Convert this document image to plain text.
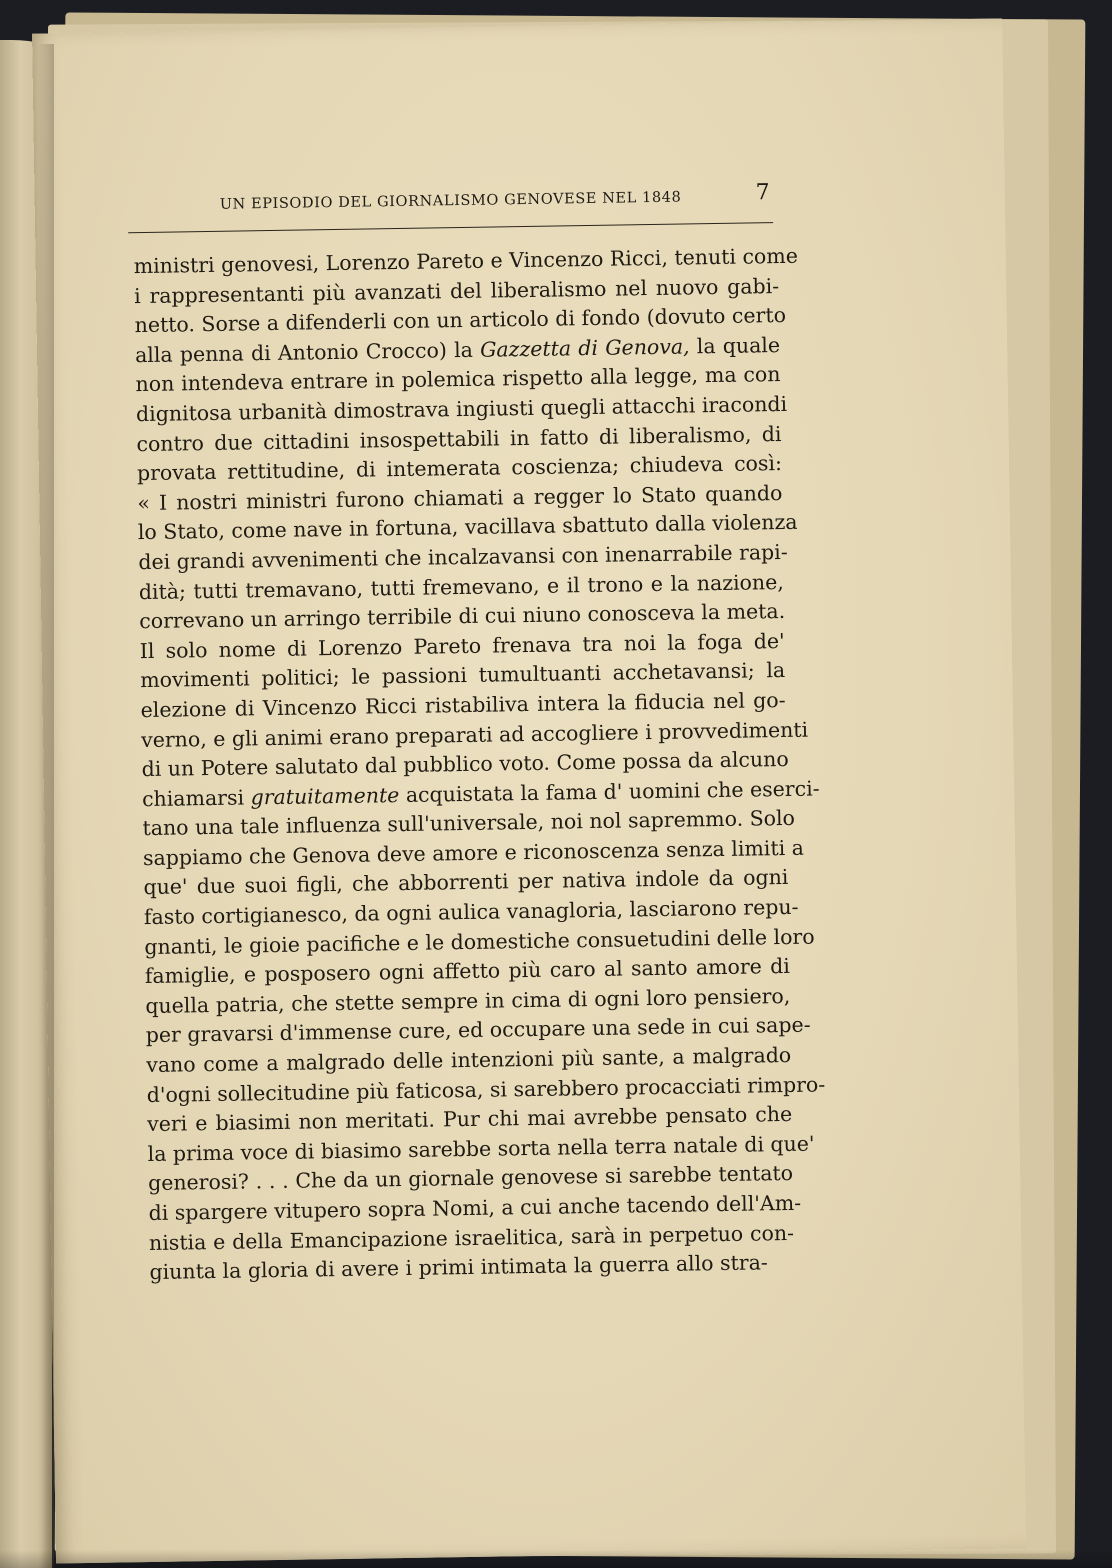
UN EPISODIO DEL GIORNALISMO GENOVESE NEL 1848	7
ministri genovesi, Lorenzo Pareto e Vincenzo Ricci, tenuti come
i rappresentanti più avanzati del liberalismo nel nuovo gabi-
netto. Sorse a difenderli con un articolo di fondo (dovuto certo
alla penna di Antonio Crocco) la Gazzetta di Genova, la quale
non intendeva entrare in polemica rispetto alla legge, ma con
dignitosa urbanità dimostrava ingiusti quegli attacchi iracondi
contro due cittadini insospettabili in fatto di liberalismo, di
provata rettitudine, di intemerata coscienza; chiudeva così:
« I nostri ministri furono chiamati a regger lo Stato quando
lo Stato, come nave in fortuna, vacillava sbattuto dalla violenza
dei grandi avvenimenti che incalzavansi con inenarrabile rapi-
dità; tutti tremavano, tutti fremevano, e il trono e la nazione,
correvano un arringo terribile di cui niuno conosceva la meta.
Il solo nome di Lorenzo Pareto frenava tra noi la foga de'
movimenti politici; le passioni tumultuanti acchetavansi; la
elezione di Vincenzo Ricci ristabiliva intera la fiducia nel go-
verno, e gli animi erano preparati ad accogliere i provvedimenti
di un Potere salutato dal pubblico voto. Come possa da alcuno
chiamarsi gratuitamente acquistata la fama d' uomini che eserci-
tano una tale influenza sull'universale, noi nol sapremmo. Solo
sappiamo che Genova deve amore e riconoscenza senza limiti a
que' due suoi figli, che abborrenti per nativa indole da ogni
fasto cortigianesco, da ogni aulica vanagloria, lasciarono repu-
gnanti, le gioie pacifiche e le domestiche consuetudini delle loro
famiglie, e posposero ogni affetto più caro al santo amore di
quella patria, che stette sempre in cima di ogni loro pensiero,
per gravarsi d'immense cure, ed occupare una sede in cui sape-
vano come a malgrado delle intenzioni più sante, a malgrado
d'ogni sollecitudine più faticosa, si sarebbero procacciati rimpro-
veri e biasimi non meritati. Pur chi mai avrebbe pensato che
la prima voce di biasimo sarebbe sorta nella terra natale di que'
generosi? . . . Che da un giornale genovese si sarebbe tentato
di spargere vitupero sopra Nomi, a cui anche tacendo dell'Am-
nistia e della Emancipazione israelitica, sarà in perpetuo con-
giunta la gloria di avere i primi intimata la guerra allo stra-
